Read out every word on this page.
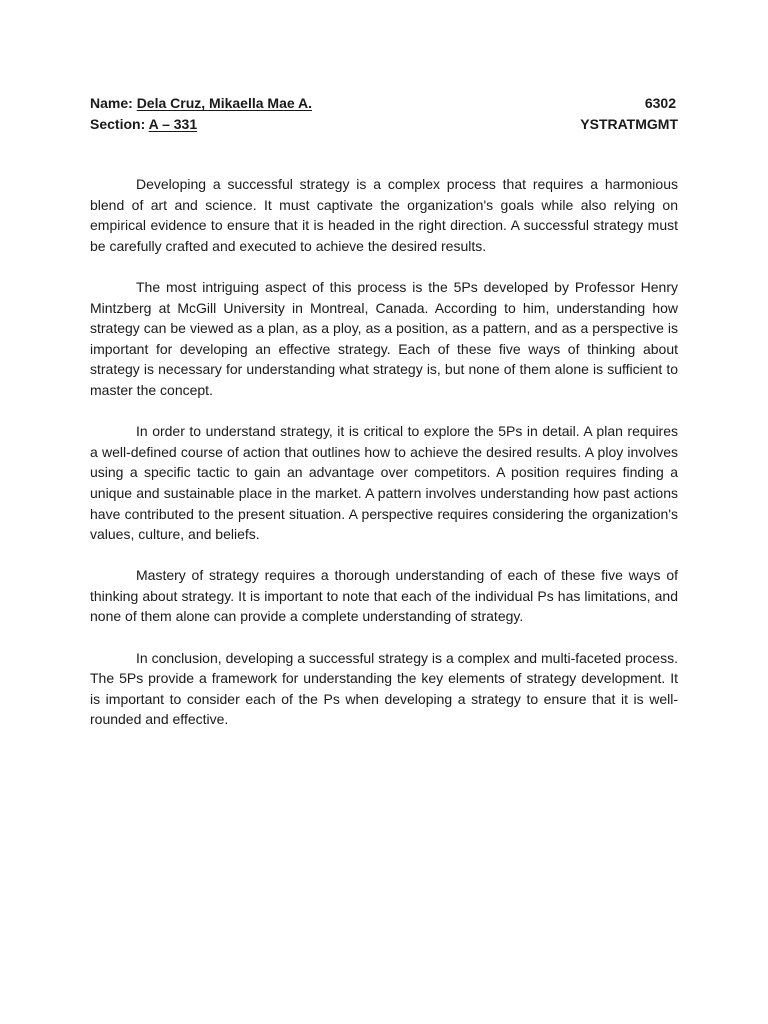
Name: Dela Cruz, Mikaella Mae A.	6302
Section: A – 331	YSTRATMGMT

Developing a successful strategy is a complex process that requires a harmonious blend of art and science. It must captivate the organization's goals while also relying on empirical evidence to ensure that it is headed in the right direction. A successful strategy must be carefully crafted and executed to achieve the desired results.

The most intriguing aspect of this process is the 5Ps developed by Professor Henry Mintzberg at McGill University in Montreal, Canada. According to him, understanding how strategy can be viewed as a plan, as a ploy, as a position, as a pattern, and as a perspective is important for developing an effective strategy. Each of these five ways of thinking about strategy is necessary for understanding what strategy is, but none of them alone is sufficient to master the concept.

In order to understand strategy, it is critical to explore the 5Ps in detail. A plan requires a well-defined course of action that outlines how to achieve the desired results. A ploy involves using a specific tactic to gain an advantage over competitors. A position requires finding a unique and sustainable place in the market. A pattern involves understanding how past actions have contributed to the present situation. A perspective requires considering the organization's values, culture, and beliefs.

Mastery of strategy requires a thorough understanding of each of these five ways of thinking about strategy. It is important to note that each of the individual Ps has limitations, and none of them alone can provide a complete understanding of strategy.

In conclusion, developing a successful strategy is a complex and multi-faceted process. The 5Ps provide a framework for understanding the key elements of strategy development. It is important to consider each of the Ps when developing a strategy to ensure that it is well-rounded and effective.
